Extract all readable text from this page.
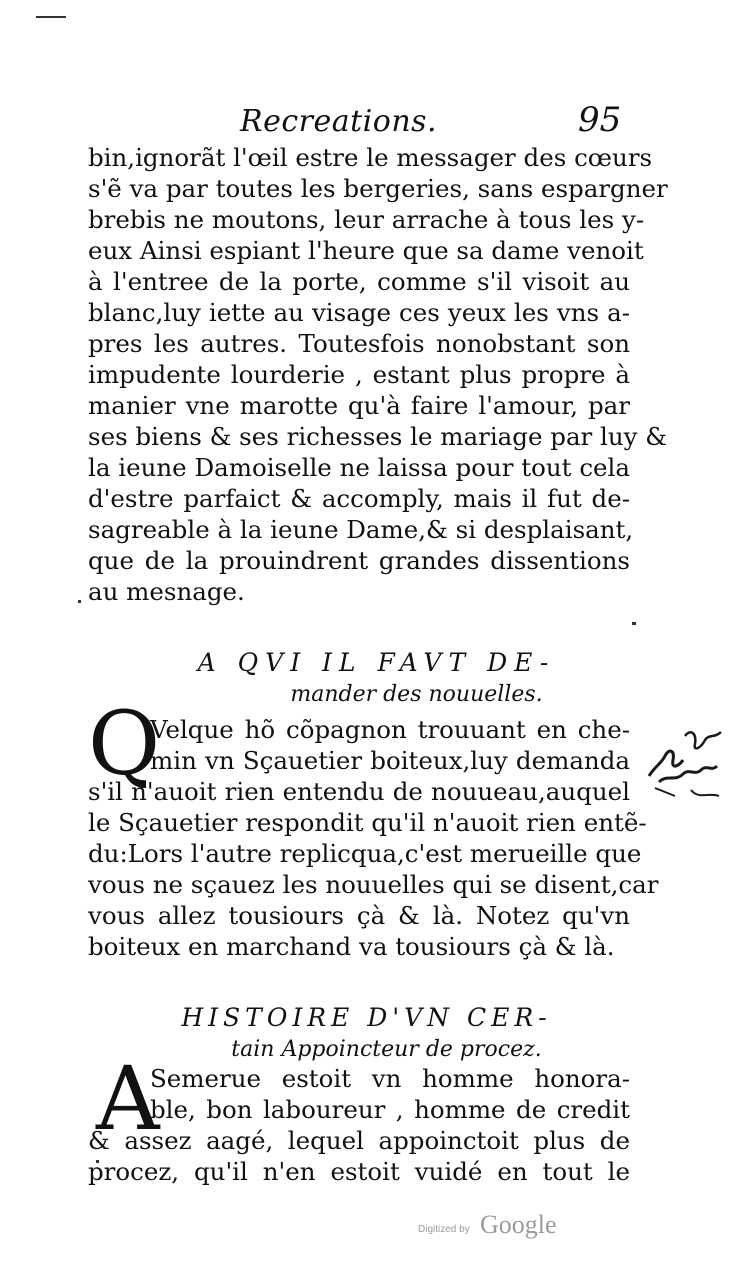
Recreations.	95
bin,ignorãt l'œil estre le messager des cœurs
s'ẽ va par toutes les bergeries, sans espargner
brebis ne moutons, leur arrache à tous les y-
eux Ainsi espiant l'heure que sa dame venoit
à l'entree de la porte, comme s'il visoit au
blanc,luy iette au visage ces yeux les vns a-
pres les autres. Toutesfois nonobstant son
impudente lourderie , estant plus propre à
manier vne marotte qu'à faire l'amour, par
ses biens & ses richesses le mariage par luy &
la ieune Damoiselle ne laissa pour tout cela
d'estre parfaict & accomply, mais il fut de-
sagreable à la ieune Dame,& si desplaisant,
que de la prouindrent grandes dissentions
au mesnage.
A QVI IL FAVT DE-
mander des nouuelles.
Q
Velque hõ cõpagnon trouuant en che-
min vn Sçauetier boiteux,luy demanda
s'il n'auoit rien entendu de nouueau,auquel
le Sçauetier respondit qu'il n'auoit rien entẽ-
du:Lors l'autre replicqua,c'est merueille que
vous ne sçauez les nouuelles qui se disent,car
vous allez tousiours çà & là. Notez qu'vn
boiteux en marchand va tousiours çà & là.
HISTOIRE D'VN CER-
tain Appoincteur de procez.
A
Semerue estoit vn homme honora-
ble, bon laboureur , homme de credit
& assez aagé, lequel appoinctoit plus de
procez, qu'il n'en estoit vuidé en tout le
Digitized by Google
